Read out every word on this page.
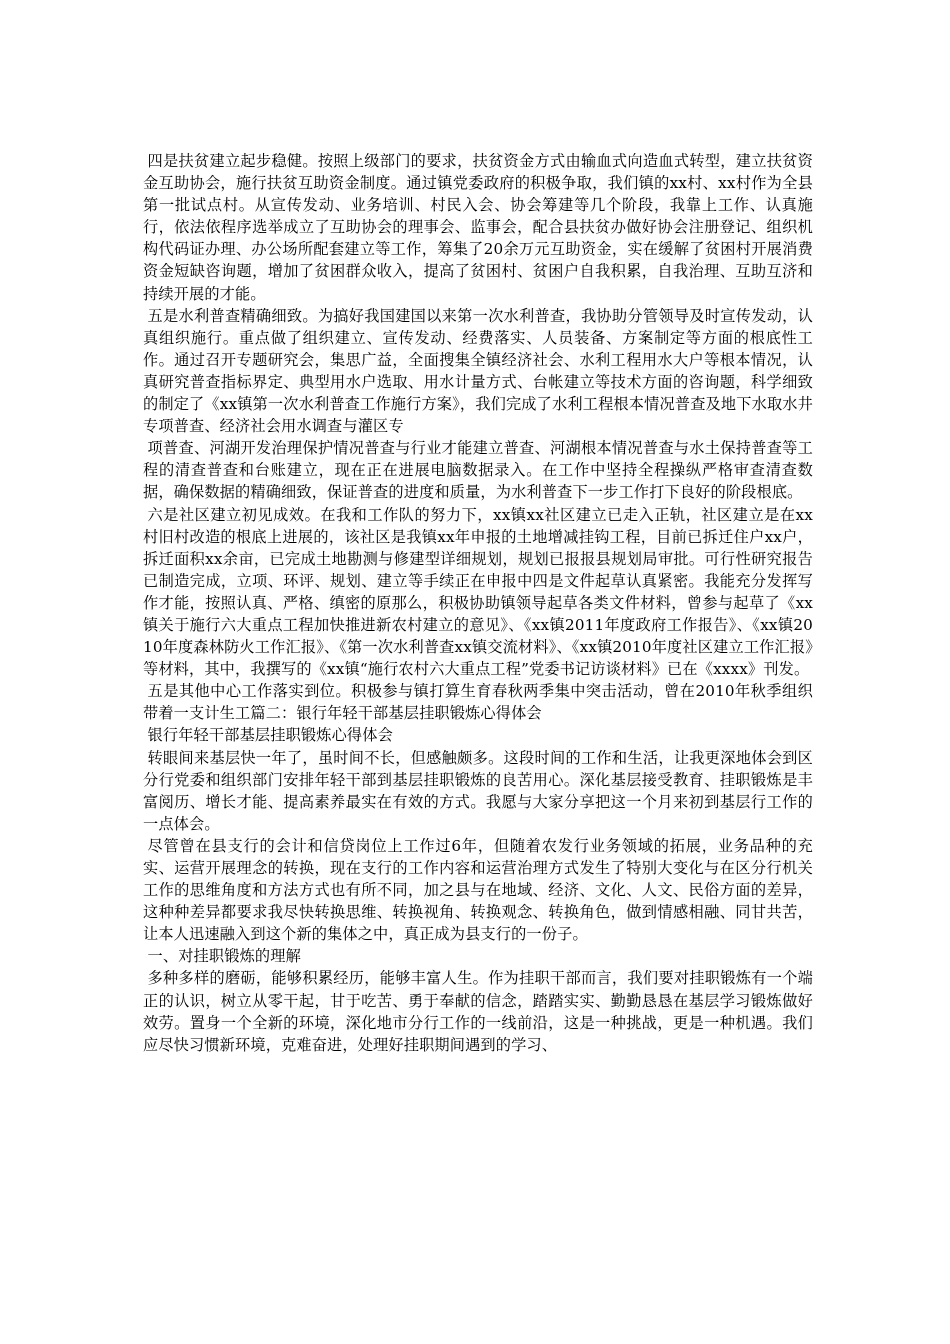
四是扶贫建立起步稳健。按照上级部门的要求，扶贫资金方式由输血式向造血式转型，建立扶贫资金互助协会，施行扶贫互助资金制度。通过镇党委政府的积极争取，我们镇的xx村、xx村作为全县第一批试点村。从宣传发动、业务培训、村民入会、协会筹建等几个阶段，我靠上工作、认真施行，依法依程序选举成立了互助协会的理事会、监事会，配合县扶贫办做好协会注册登记、组织机构代码证办理、办公场所配套建立等工作，筹集了20余万元互助资金，实在缓解了贫困村开展消费资金短缺咨询题，增加了贫困群众收入，提高了贫困村、贫困户自我积累，自我治理、互助互济和持续开展的才能。

五是水利普查精确细致。为搞好我国建国以来第一次水利普查，我协助分管领导及时宣传发动，认真组织施行。重点做了组织建立、宣传发动、经费落实、人员装备、方案制定等方面的根底性工作。通过召开专题研究会，集思广益，全面搜集全镇经济社会、水利工程用水大户等根本情况，认真研究普查指标界定、典型用水户选取、用水计量方式、台帐建立等技术方面的咨询题，科学细致的制定了《xx镇第一次水利普查工作施行方案》，我们完成了水利工程根本情况普查及地下水取水井专项普查、经济社会用水调查与灌区专

项普查、河湖开发治理保护情况普查与行业才能建立普查、河湖根本情况普查与水土保持普查等工程的清查普查和台账建立，现在正在进展电脑数据录入。在工作中坚持全程操纵严格审查清查数据，确保数据的精确细致，保证普查的进度和质量，为水利普查下一步工作打下良好的阶段根底。

六是社区建立初见成效。在我和工作队的努力下，xx镇xx社区建立已走入正轨，社区建立是在xx村旧村改造的根底上进展的，该社区是我镇xx年申报的土地增减挂钩工程，目前已拆迁住户xx户，拆迁面积xx余亩，已完成土地勘测与修建型详细规划，规划已报报县规划局审批。可行性研究报告已制造完成，立项、环评、规划、建立等手续正在申报中四是文件起草认真紧密。我能充分发挥写作才能，按照认真、严格、缜密的原那么，积极协助镇领导起草各类文件材料，曾参与起草了《xx镇关于施行六大重点工程加快推进新农村建立的意见》、《xx镇2011年度政府工作报告》、《xx镇2010年度森林防火工作汇报》、《第一次水利普查xx镇交流材料》、《xx镇2010年度社区建立工作汇报》等材料，其中，我撰写的《xx镇“施行农村六大重点工程”党委书记访谈材料》已在《xxxx》刊发。

五是其他中心工作落实到位。积极参与镇打算生育春秋两季集中突击活动，曾在2010年秋季组织带着一支计生工篇二：银行年轻干部基层挂职锻炼心得体会

银行年轻干部基层挂职锻炼心得体会

转眼间来基层快一年了，虽时间不长，但感触颇多。这段时间的工作和生活，让我更深地体会到区分行党委和组织部门安排年轻干部到基层挂职锻炼的良苦用心。深化基层接受教育、挂职锻炼是丰富阅历、增长才能、提高素养最实在有效的方式。我愿与大家分享把这一个月来初到基层行工作的一点体会。

尽管曾在县支行的会计和信贷岗位上工作过6年，但随着农发行业务领域的拓展，业务品种的充实、运营开展理念的转换，现在支行的工作内容和运营治理方式发生了特别大变化与在区分行机关工作的思维角度和方法方式也有所不同，加之县与在地域、经济、文化、人文、民俗方面的差异，这种种差异都要求我尽快转换思维、转换视角、转换观念、转换角色，做到情感相融、同甘共苦，让本人迅速融入到这个新的集体之中，真正成为县支行的一份子。

一、对挂职锻炼的理解

多种多样的磨砺，能够积累经历，能够丰富人生。作为挂职干部而言，我们要对挂职锻炼有一个端正的认识，树立从零干起，甘于吃苦、勇于奉献的信念，踏踏实实、勤勤恳恳在基层学习锻炼做好效劳。置身一个全新的环境，深化地市分行工作的一线前沿，这是一种挑战，更是一种机遇。我们应尽快习惯新环境，克难奋进，处理好挂职期间遇到的学习、
